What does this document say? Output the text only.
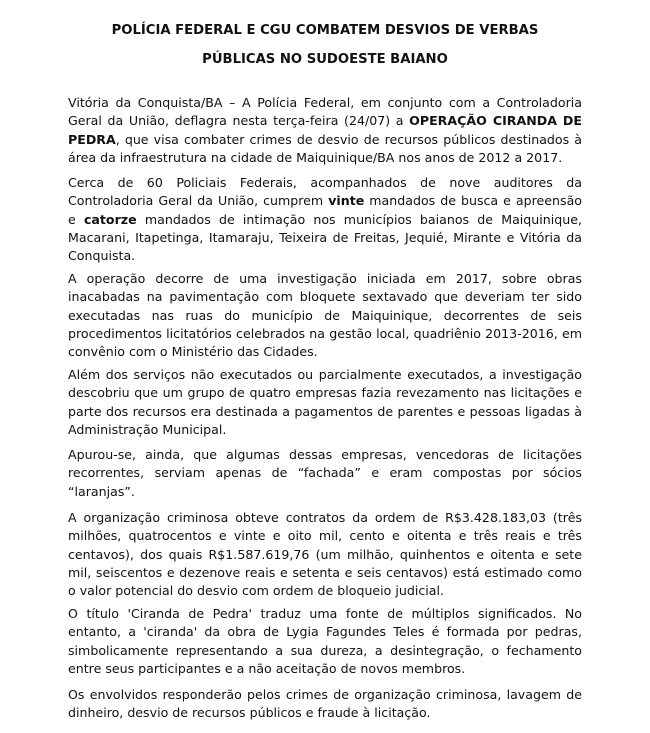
POLÍCIA FEDERAL E CGU COMBATEM DESVIOS DE VERBAS
PÚBLICAS NO SUDOESTE BAIANO

Vitória da Conquista/BA – A Polícia Federal, em conjunto com a Controladoria Geral da União, deflagra nesta terça-feira (24/07) a OPERAÇÃO CIRANDA DE PEDRA, que visa combater crimes de desvio de recursos públicos destinados à área da infraestrutura na cidade de Maiquinique/BA nos anos de 2012 a 2017.

Cerca de 60 Policiais Federais, acompanhados de nove auditores da Controladoria Geral da União, cumprem vinte mandados de busca e apreensão e catorze mandados de intimação nos municípios baianos de Maiquinique, Macarani, Itapetinga, Itamaraju, Teixeira de Freitas, Jequié, Mirante e Vitória da Conquista.

A operação decorre de uma investigação iniciada em 2017, sobre obras inacabadas na pavimentação com bloquete sextavado que deveriam ter sido executadas nas ruas do município de Maiquinique, decorrentes de seis procedimentos licitatórios celebrados na gestão local, quadriênio 2013-2016, em convênio com o Ministério das Cidades.

Além dos serviços não executados ou parcialmente executados, a investigação descobriu que um grupo de quatro empresas fazia revezamento nas licitações e parte dos recursos era destinada a pagamentos de parentes e pessoas ligadas à Administração Municipal.

Apurou-se, ainda, que algumas dessas empresas, vencedoras de licitações recorrentes, serviam apenas de “fachada” e eram compostas por sócios “laranjas”.

A organização criminosa obteve contratos da ordem de R$3.428.183,03 (três milhões, quatrocentos e vinte e oito mil, cento e oitenta e três reais e três centavos), dos quais R$1.587.619,76 (um milhão, quinhentos e oitenta e sete mil, seiscentos e dezenove reais e setenta e seis centavos) está estimado como o valor potencial do desvio com ordem de bloqueio judicial.

O título 'Ciranda de Pedra' traduz uma fonte de múltiplos significados. No entanto, a 'ciranda' da obra de Lygia Fagundes Teles é formada por pedras, simbolicamente representando a sua dureza, a desintegração, o fechamento entre seus participantes e a não aceitação de novos membros.

Os envolvidos responderão pelos crimes de organização criminosa, lavagem de dinheiro, desvio de recursos públicos e fraude à licitação.
